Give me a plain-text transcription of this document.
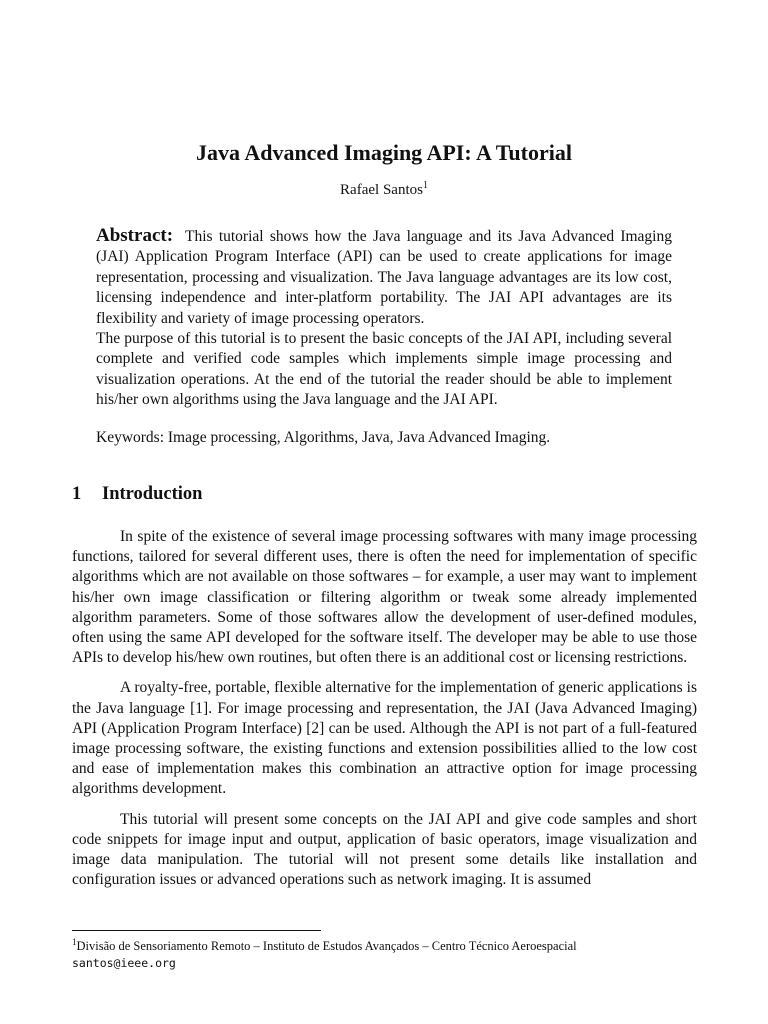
Java Advanced Imaging API: A Tutorial
Rafael Santos$^1$

Abstract: This tutorial shows how the Java language and its Java Advanced Imaging (JAI) Application Program Interface (API) can be used to create applications for image representation, processing and visualization. The Java language advantages are its low cost, licensing independence and inter-platform portability. The JAI API advantages are its flexibility and variety of image processing operators.

The purpose of this tutorial is to present the basic concepts of the JAI API, including several complete and verified code samples which implements simple image processing and visualization operations. At the end of the tutorial the reader should be able to implement his/her own algorithms using the Java language and the JAI API.

Keywords: Image processing, Algorithms, Java, Java Advanced Imaging.
1 Introduction

In spite of the existence of several image processing softwares with many image processing functions, tailored for several different uses, there is often the need for implementation of specific algorithms which are not available on those softwares – for example, a user may want to implement his/her own image classification or filtering algorithm or tweak some already implemented algorithm parameters. Some of those softwares allow the development of user-defined modules, often using the same API developed for the software itself. The developer may be able to use those APIs to develop his/hew own routines, but often there is an additional cost or licensing restrictions.

A royalty-free, portable, flexible alternative for the implementation of generic applications is the Java language [1]. For image processing and representation, the JAI (Java Advanced Imaging) API (Application Program Interface) [2] can be used. Although the API is not part of a full-featured image processing software, the existing functions and extension possibilities allied to the low cost and ease of implementation makes this combination an attractive option for image processing algorithms development.

This tutorial will present some concepts on the JAI API and give code samples and short code snippets for image input and output, application of basic operators, image visualization and image data manipulation. The tutorial will not present some details like installation and configuration issues or advanced operations such as network imaging. It is assumed

$^1$Divisão de Sensoriamento Remoto – Instituto de Estudos Avançados – Centro Técnico Aeroespacial
santos@ieee.org
